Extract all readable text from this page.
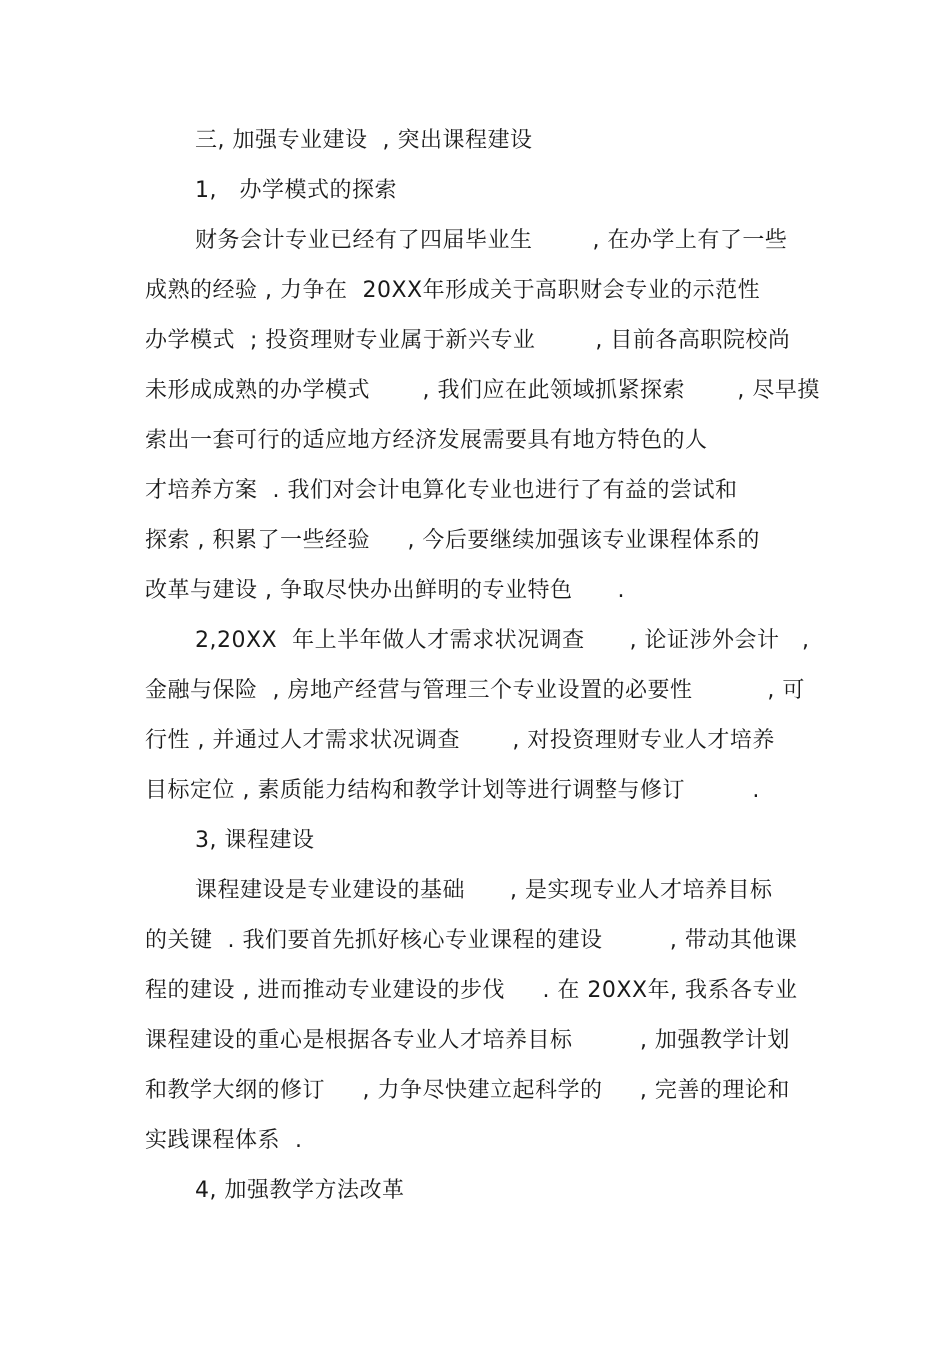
三, 加强专业建设  , 突出课程建设
1,   办学模式的探索
财务会计专业已经有了四届毕业生        , 在办学上有了一些
成熟的经验 , 力争在  20XX年形成关于高职财会专业的示范性
办学模式  ; 投资理财专业属于新兴专业        , 目前各高职院校尚
未形成成熟的办学模式       , 我们应在此领域抓紧探索       , 尽早摸
索出一套可行的适应地方经济发展需要具有地方特色的人
才培养方案  . 我们对会计电算化专业也进行了有益的尝试和
探索 , 积累了一些经验     , 今后要继续加强该专业课程体系的
改革与建设 , 争取尽快办出鲜明的专业特色      .
2,20XX  年上半年做人才需求状况调查      , 论证涉外会计   ,
金融与保险  , 房地产经营与管理三个专业设置的必要性          , 可
行性 , 并通过人才需求状况调查       , 对投资理财专业人才培养
目标定位 , 素质能力结构和教学计划等进行调整与修订         .
3, 课程建设
课程建设是专业建设的基础      , 是实现专业人才培养目标
的关键  . 我们要首先抓好核心专业课程的建设         , 带动其他课
程的建设 , 进而推动专业建设的步伐     . 在 20XX年, 我系各专业
课程建设的重心是根据各专业人才培养目标         , 加强教学计划
和教学大纲的修订     , 力争尽快建立起科学的     , 完善的理论和
实践课程体系  .
4, 加强教学方法改革
